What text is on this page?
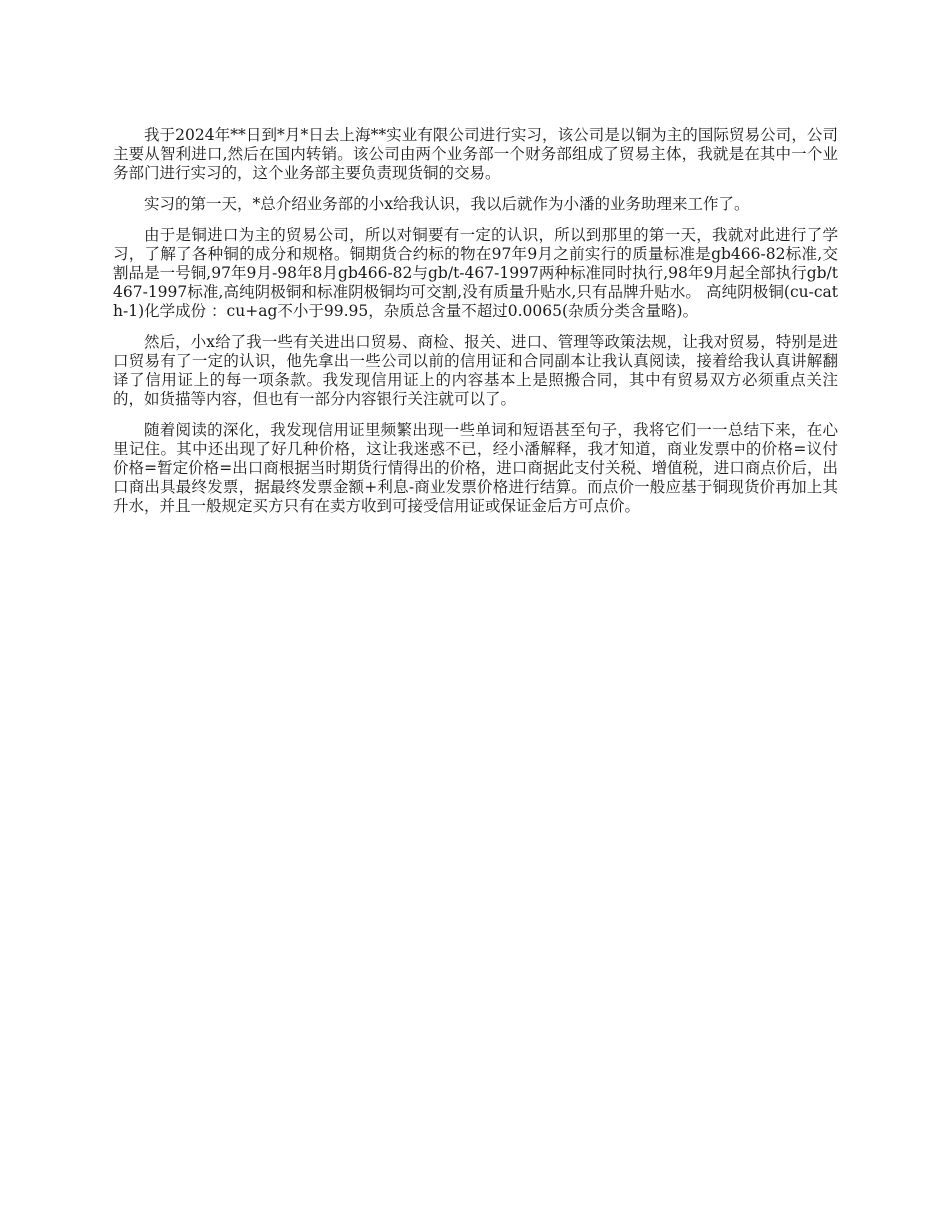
我于2024年**日到*月*日去上海**实业有限公司进行实习，该公司是以铜为主的国际贸易公司，公司主要从智利进口,然后在国内转销。该公司由两个业务部一个财务部组成了贸易主体，我就是在其中一个业务部门进行实习的，这个业务部主要负责现货铜的交易。

实习的第一天，*总介绍业务部的小x给我认识，我以后就作为小潘的业务助理来工作了。

由于是铜进口为主的贸易公司，所以对铜要有一定的认识，所以到那里的第一天，我就对此进行了学习，了解了各种铜的成分和规格。铜期货合约标的物在97年9月之前实行的质量标准是gb466-82标准,交割品是一号铜,97年9月-98年8月gb466-82与gb/t-467-1997两种标准同时执行,98年9月起全部执行gb/t467-1997标准,高纯阴极铜和标准阴极铜均可交割,没有质量升贴水,只有品牌升贴水。 高纯阴极铜(cu-cath-1)化学成份 ：cu+ag不小于99.95，杂质总含量不超过0.0065(杂质分类含量略)。

然后，小x给了我一些有关进出口贸易、商检、报关、进口、管理等政策法规，让我对贸易，特别是进口贸易有了一定的认识，他先拿出一些公司以前的信用证和合同副本让我认真阅读，接着给我认真讲解翻译了信用证上的每一项条款。我发现信用证上的内容基本上是照搬合同，其中有贸易双方必须重点关注的，如货描等内容，但也有一部分内容银行关注就可以了。

随着阅读的深化，我发现信用证里频繁出现一些单词和短语甚至句子，我将它们一一总结下来，在心里记住。其中还出现了好几种价格，这让我迷惑不已，经小潘解释，我才知道，商业发票中的价格=议付价格=暂定价格=出口商根据当时期货行情得出的价格，进口商据此支付关税、增值税，进口商点价后，出口商出具最终发票，据最终发票金额+利息-商业发票价格进行结算。而点价一般应基于铜现货价再加上其升水，并且一般规定买方只有在卖方收到可接受信用证或保证金后方可点价。
